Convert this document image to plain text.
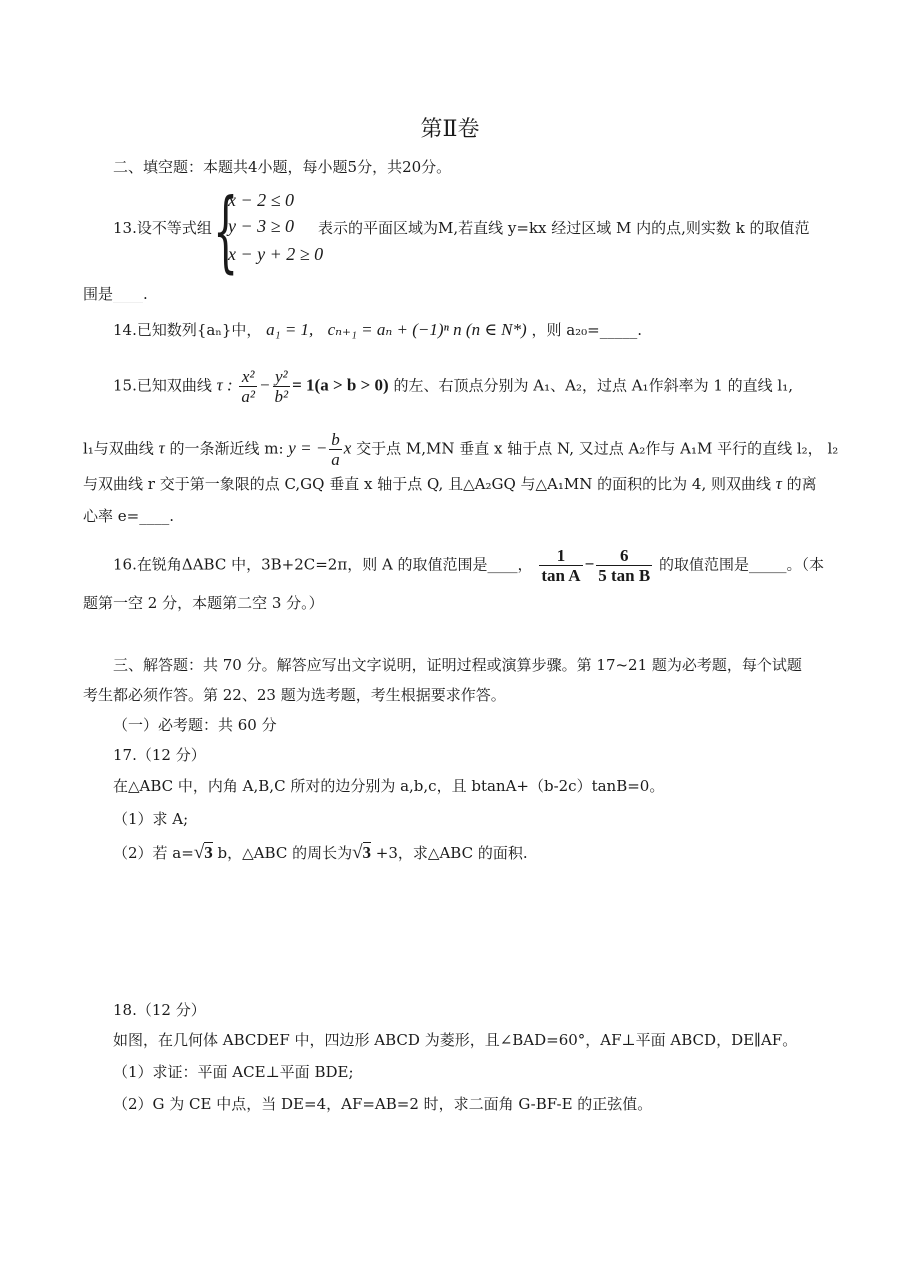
第Ⅱ卷
二、填空题：本题共4小题，每小题5分，共20分。
{
x − 2 ≤ 0
y − 3 ≥ 0
x − y + 2 ≥ 0
13.设不等式组	表示的平面区域为M,若直线 y=kx 经过区域 M 内的点,则实数 k 的取值范
围是____.
14.已知数列{aₙ}中， a₁ = 1, cₙ₊₁ = aₙ + (−1)ⁿ n (n ∈ N*) ，则 a₂₀=_____.
15.已知双曲线 τ : $\frac{\text{x²}}{\text{a²}} - \frac{\text{y²}}{\text{b²}} = 1(a > b > 0)$ 的左、右顶点分别为 A₁、A₂，过点 A₁作斜率为 1 的直线 l₁,
l₁与双曲线 τ 的一条渐近线 m: y = − $\frac{b}{a}$ x 交于点 M,MN 垂直 x 轴于点 N, 又过点 A₂作与 A₁M 平行的直线 l₂， l₂
与双曲线 r 交于第一象限的点 C,GQ 垂直 x 轴于点 Q, 且△A₂GQ 与△A₁MN 的面积的比为 4, 则双曲线 τ 的离
心率 e=____.
16.在锐角ΔABC 中，3B+2C=2π，则 A 的取值范围是____， $\frac{1}{\text{tan A}} - \frac{6}{\text{5 tan B}}$ 的取值范围是_____。（本
题第一空 2 分，本题第二空 3 分。）
三、解答题：共 70 分。解答应写出文字说明，证明过程或演算步骤。第 17~21 题为必考题，每个试题
考生都必须作答。第 22、23 题为选考题，考生根据要求作答。
（一）必考题：共 60 分
17.（12 分）
在△ABC 中，内角 A,B,C 所对的边分别为 a,b,c，且 btanA+（b-2c）tanB=0。
（1）求 A;
（2）若 a=√3 b，△ABC 的周长为√3 +3，求△ABC 的面积.
18.（12 分）
如图，在几何体 ABCDEF 中，四边形 ABCD 为菱形，且∠BAD=60°，AF⊥平面 ABCD，DE∥AF。
（1）求证：平面 ACE⊥平面 BDE;
（2）G 为 CE 中点，当 DE=4，AF=AB=2 时，求二面角 G-BF-E 的正弦值。
